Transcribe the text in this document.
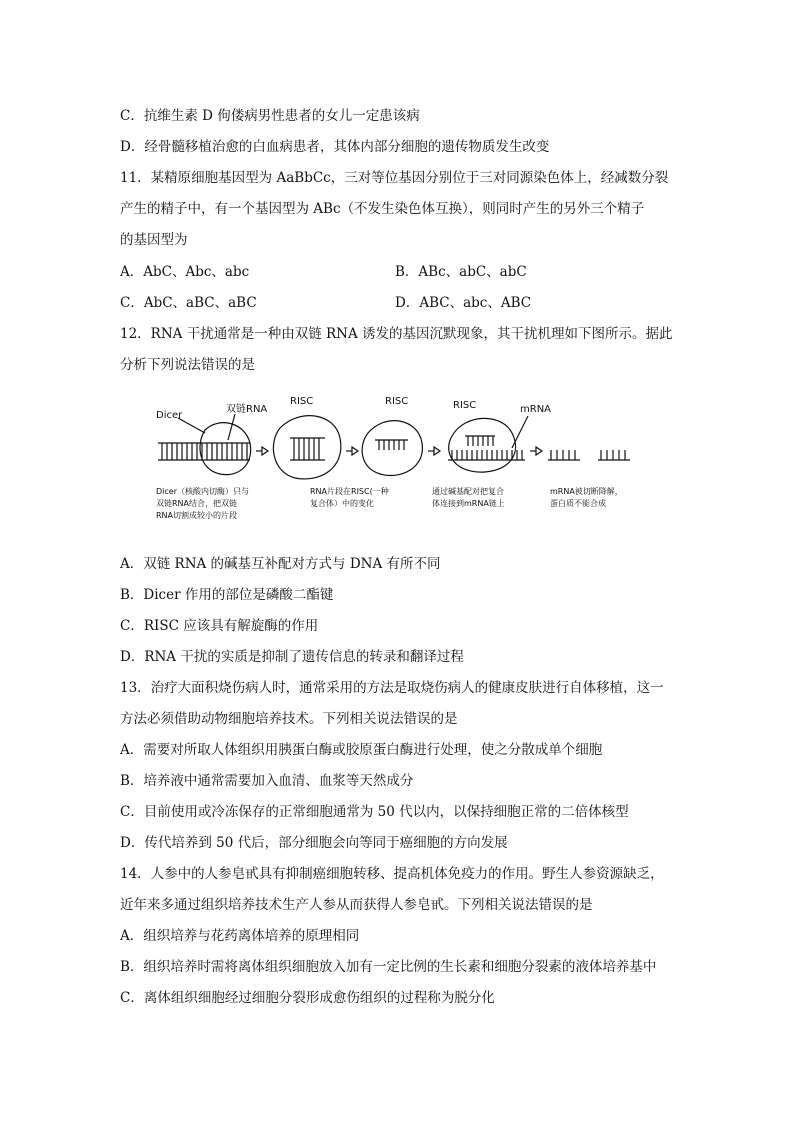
C．抗维生素 D 佝偻病男性患者的女儿一定患该病
D．经骨髓移植治愈的白血病患者，其体内部分细胞的遗传物质发生改变
11．某精原细胞基因型为 AaBbCc，三对等位基因分别位于三对同源染色体上，经减数分裂
产生的精子中，有一个基因型为 ABc（不发生染色体互换），则同时产生的另外三个精子
的基因型为
A．AbC、Abc、abc	B．ABc、abC、abC
C．AbC、aBC、aBC	D．ABC、abc、ABC
12．RNA 干扰通常是一种由双链 RNA 诱发的基因沉默现象，其干扰机理如下图所示。据此
分析下列说法错误的是
Dicer
双链RNA
RISC	RISC	RISC	mRNA
Dicer（核酸内切酶）只与
双链RNA结合，把双链
RNA切割成较小的片段
RNA片段在RISC(一种
复合体）中的变化
通过碱基配对把复合
体连接到mRNA链上
mRNA被切断降解，
蛋白质不能合成
A．双链 RNA 的碱基互补配对方式与 DNA 有所不同
B．Dicer 作用的部位是磷酸二酯键
C．RISC 应该具有解旋酶的作用
D．RNA 干扰的实质是抑制了遗传信息的转录和翻译过程
13．治疗大面积烧伤病人时，通常采用的方法是取烧伤病人的健康皮肤进行自体移植，这一
方法必须借助动物细胞培养技术。下列相关说法错误的是
A．需要对所取人体组织用胰蛋白酶或胶原蛋白酶进行处理，使之分散成单个细胞
B．培养液中通常需要加入血清、血浆等天然成分
C．目前使用或冷冻保存的正常细胞通常为 50 代以内，以保持细胞正常的二倍体核型
D．传代培养到 50 代后，部分细胞会向等同于癌细胞的方向发展
14．人参中的人参皂甙具有抑制癌细胞转移、提高机体免疫力的作用。野生人参资源缺乏，
近年来多通过组织培养技术生产人参从而获得人参皂甙。下列相关说法错误的是
A．组织培养与花药离体培养的原理相同
B．组织培养时需将离体组织细胞放入加有一定比例的生长素和细胞分裂素的液体培养基中
C．离体组织细胞经过细胞分裂形成愈伤组织的过程称为脱分化
